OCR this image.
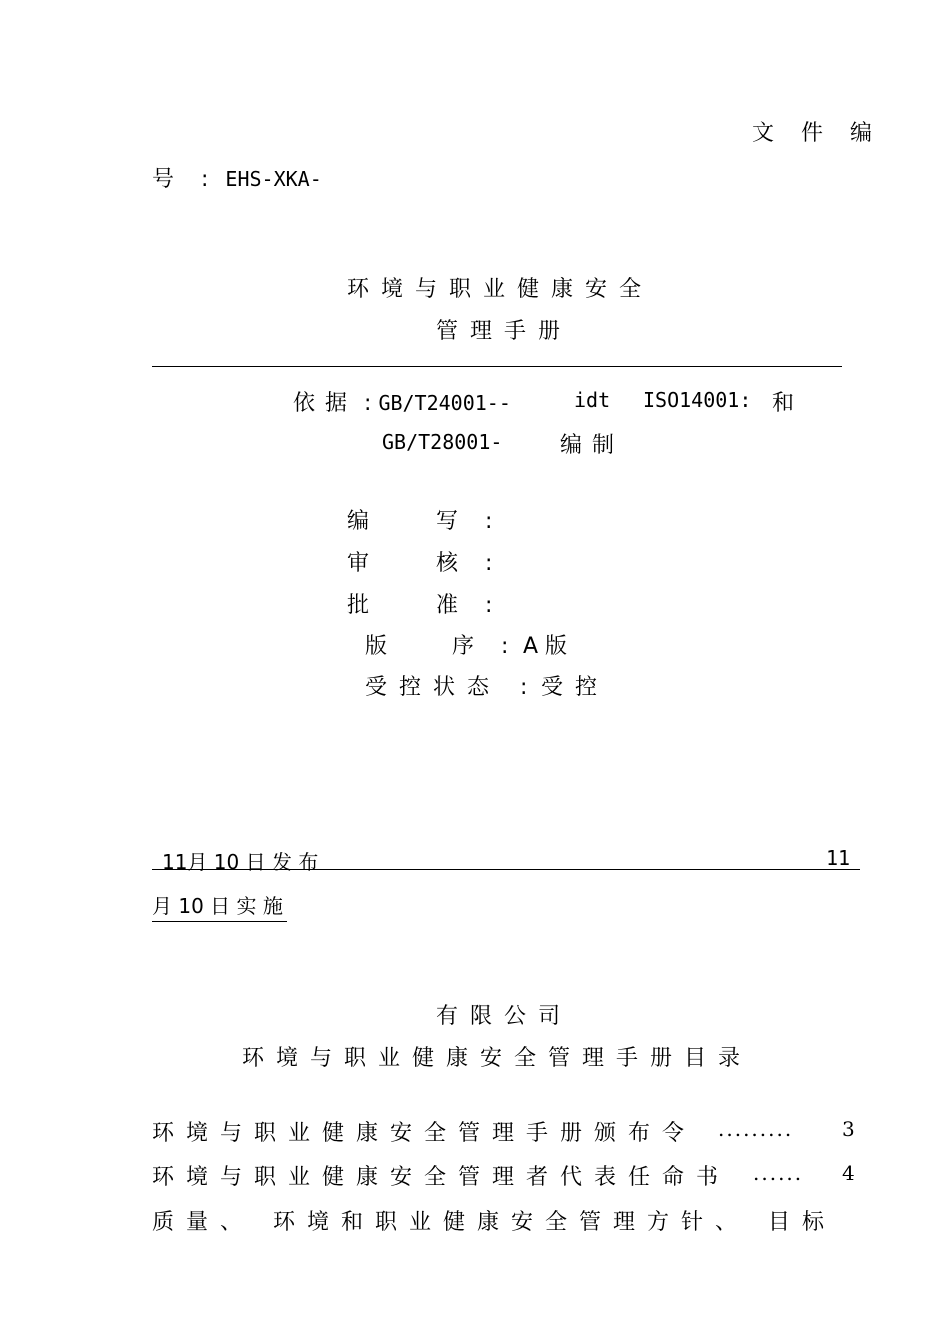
文 件 编
号 : EHS-XKA-
环境与职业健康安全
管理手册
依据 : GB/T24001--	idt ISO14001: 和
GB/T28001-	编制
编	写 :
审	核 :
批	准 :
版	序 : A 版
受控状态 : 受控
11月 10 日 发 布	11
月 10 日 实 施
有限公司
环境与职业健康安全管理手册目录
环境与职业健康安全管理手册颁布令 ......... 3
环境与职业健康安全管理者代表任命书 ...... 4
质量、 环境和职业健康安全管理方针、 目标
